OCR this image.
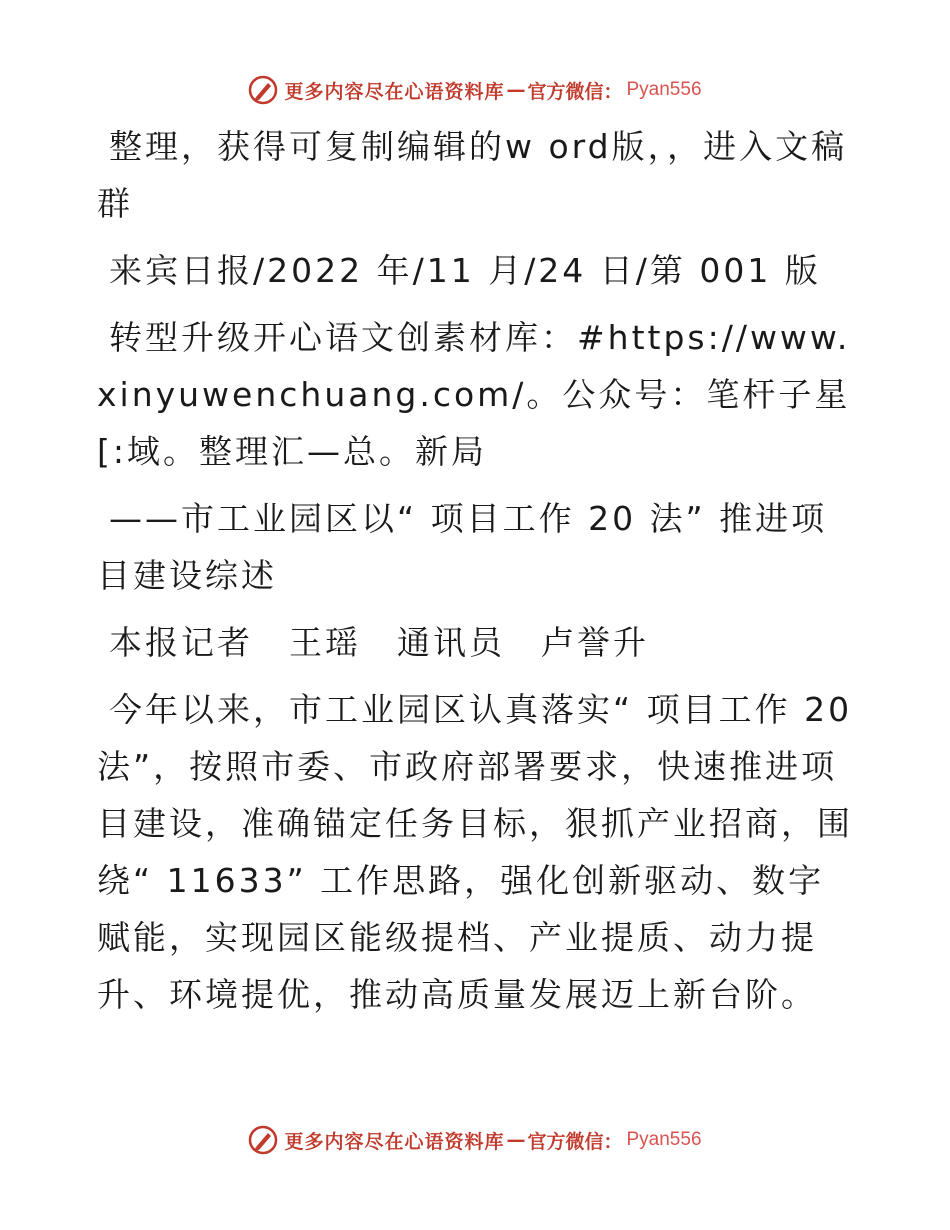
更多内容尽在心语资料库 — 官方微信： Pyan556

整理，获得可复制编辑的w ord版，，进入文稿群

来宾日报/2022 年/11 月/24 日/第 001 版

转型升级开心语文创素材库：#https://www.xinyuwenchuang.com/。公众号：笔杆子星[:域。整理汇—总。新局

——市工业园区以“ 项目工作 20 法” 推进项目建设综述

本报记者　王瑶　通讯员　卢誉升

今年以来，市工业园区认真落实“ 项目工作 20 法”，按照市委、市政府部署要求，快速推进项目建设，准确锚定任务目标，狠抓产业招商，围绕“ 11633” 工作思路，强化创新驱动、数字赋能，实现园区能级提档、产业提质、动力提升、环境提优，推动高质量发展迈上新台阶。

更多内容尽在心语资料库 — 官方微信： Pyan556
